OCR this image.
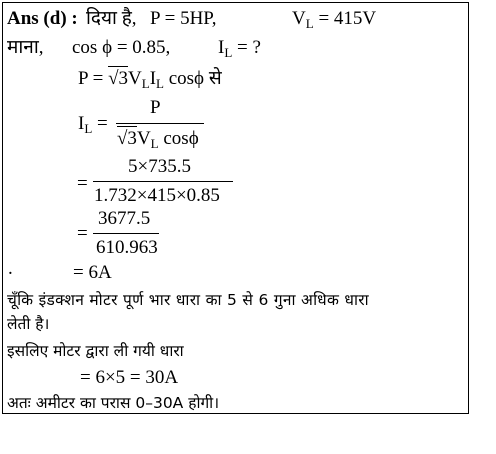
Ans (d) : दिया है, P = 5HP,	$V_L = 415V$
माना, cos ϕ = 0.85,	$I_L$ = ?
$P = √3V_LI_L$ cosϕ से
$I_L$ =
P
$√3V_L$ cosϕ
=
5×735.5
1.732×415×0.85
=
3677.5
610.963
.	= 6A
चूँकि इंडक्शन मोटर पूर्ण भार धारा का 5 से 6 गुना अधिक धारा
लेती है।
इसलिए मोटर द्वारा ली गयी धारा
= 6×5 = 30A
अतः अमीटर का परास 0–30A होगी।
